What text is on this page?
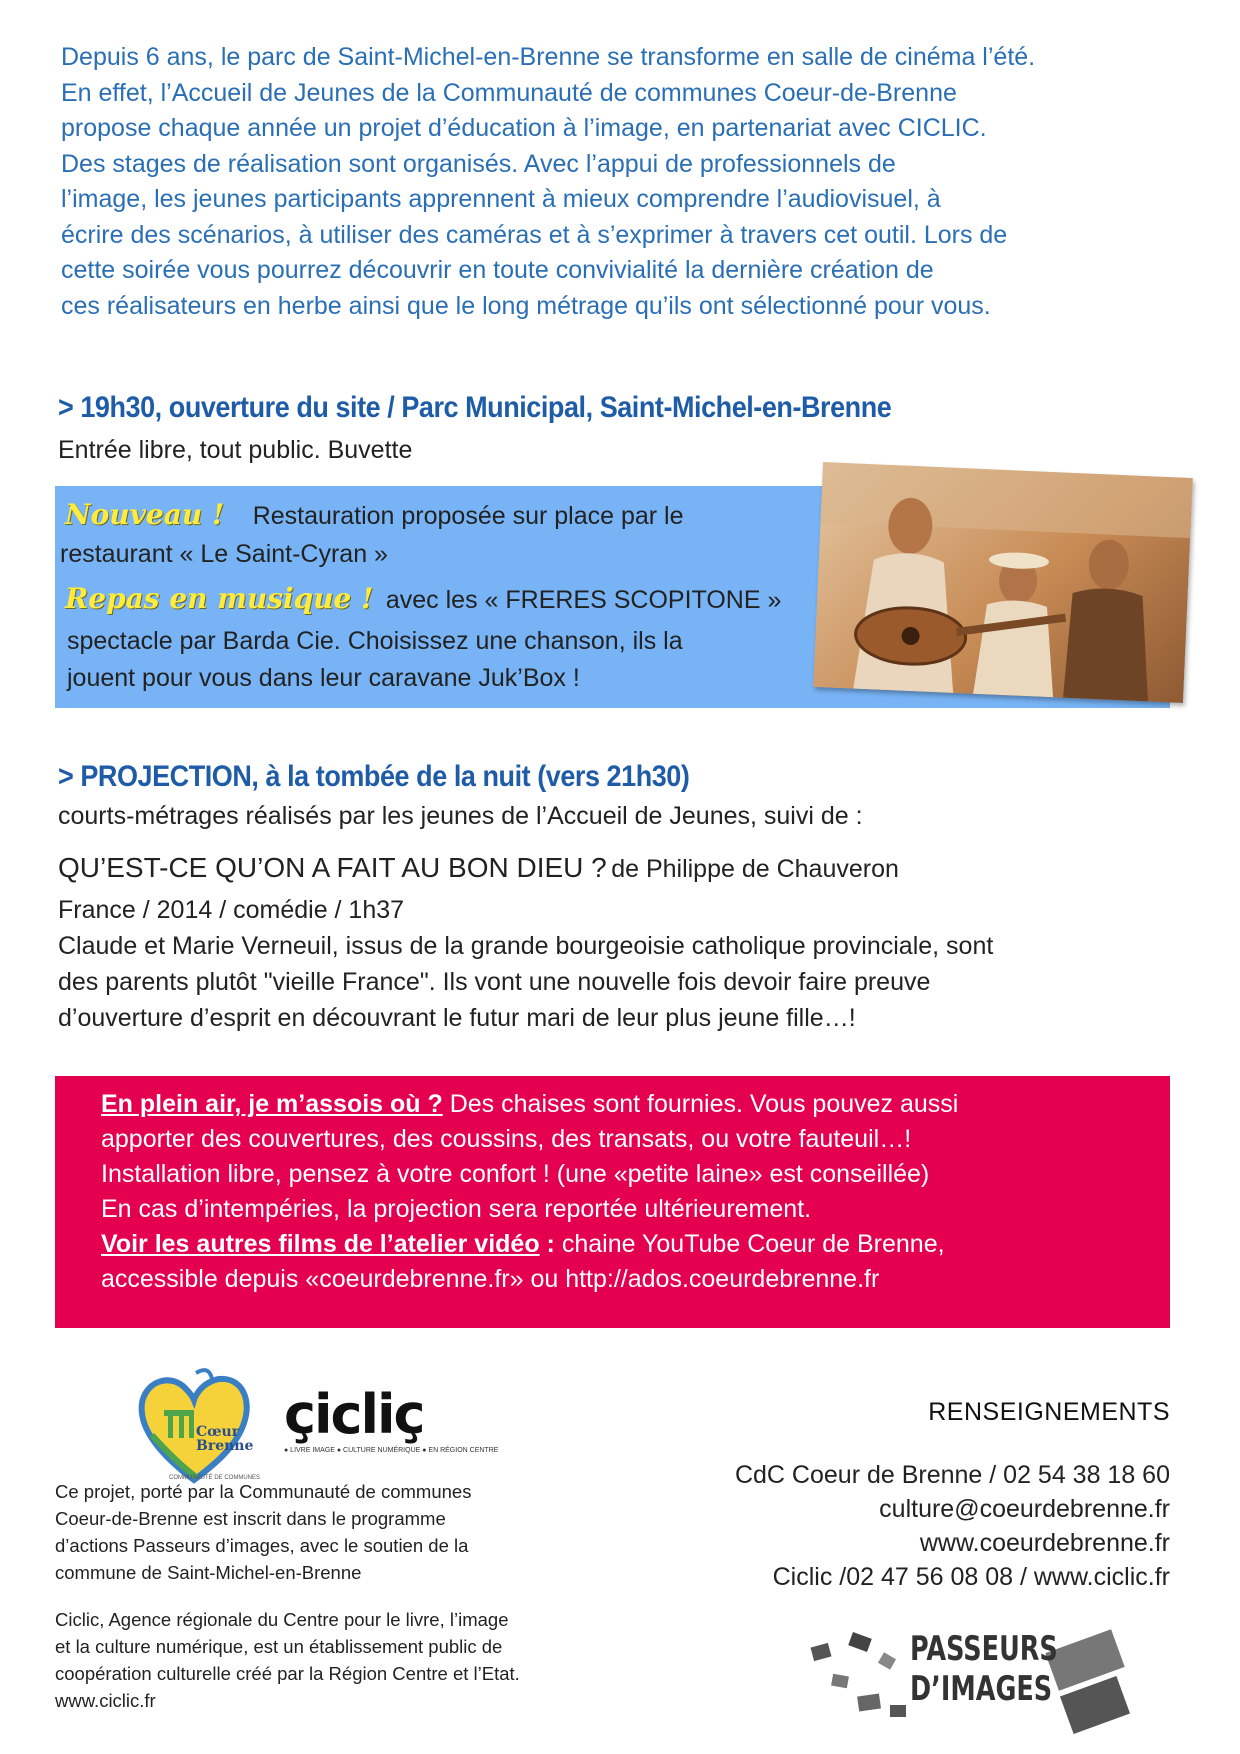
Depuis 6 ans, le parc de Saint-Michel-en-Brenne se transforme en salle de cinéma l’été.
En effet, l’Accueil de Jeunes de la Communauté de communes Coeur-de-Brenne
propose chaque année un projet d’éducation à l’image, en partenariat avec CICLIC.
Des stages de réalisation sont organisés. Avec l’appui de professionnels de
l’image, les jeunes participants apprennent à mieux comprendre l’audiovisuel, à
écrire des scénarios, à utiliser des caméras et à s’exprimer à travers cet outil. Lors de
cette soirée vous pourrez découvrir en toute convivialité la dernière création de
ces réalisateurs en herbe ainsi que le long métrage qu’ils ont sélectionné pour vous.
> 19h30, ouverture du site / Parc Municipal, Saint-Michel-en-Brenne
Entrée libre, tout public. Buvette
Nouveau ! Restauration proposée sur place par le
restaurant « Le Saint-Cyran »
Repas en musique ! avec les « FRERES SCOPITONE »
spectacle par Barda Cie. Choisissez une chanson, ils la
jouent pour vous dans leur caravane Juk’Box !
> PROJECTION, à la tombée de la nuit (vers 21h30)
courts-métrages réalisés par les jeunes de l’Accueil de Jeunes, suivi de :
QU’EST-CE QU’ON A FAIT AU BON DIEU ? de Philippe de Chauveron
France / 2014 / comédie / 1h37
Claude et Marie Verneuil, issus de la grande bourgeoisie catholique provinciale, sont
des parents plutôt "vieille France". Ils vont une nouvelle fois devoir faire preuve
d’ouverture d’esprit en découvrant le futur mari de leur plus jeune fille…!

En plein air, je m’assois où ? Des chaises sont fournies. Vous pouvez aussi

apporter des couvertures, des coussins, des transats, ou votre fauteuil…!

Installation libre, pensez à votre confort ! (une «petite laine» est conseillée)

En cas d’intempéries, la projection sera reportée ultérieurement.

Voir les autres films de l’atelier vidéo : chaine YouTube Coeur de Brenne,

accessible depuis «coeurdebrenne.fr» ou http://ados.coeurdebrenne.fr

Cœur
Brenne
COMMUNAUTÉ DE COMMUNES
çicliç
● LIVRE IMAGE ● CULTURE NUMÉRIQUE ● EN RÉGION CENTRE

Ce projet, porté par la Communauté de communes

Coeur-de-Brenne est inscrit dans le programme

d’actions Passeurs d’images, avec le soutien de la

commune de Saint-Michel-en-Brenne

Ciclic, Agence régionale du Centre pour le livre, l’image

et la culture numérique, est un établissement public de

coopération culturelle créé par la Région Centre et l’Etat.

www.ciclic.fr

RENSEIGNEMENTS

CdC Coeur de Brenne / 02 54 38 18 60

culture@coeurdebrenne.fr

www.coeurdebrenne.fr

Ciclic /02 47 56 08 08 / www.ciclic.fr

PASSEURS
D’IMAGES
